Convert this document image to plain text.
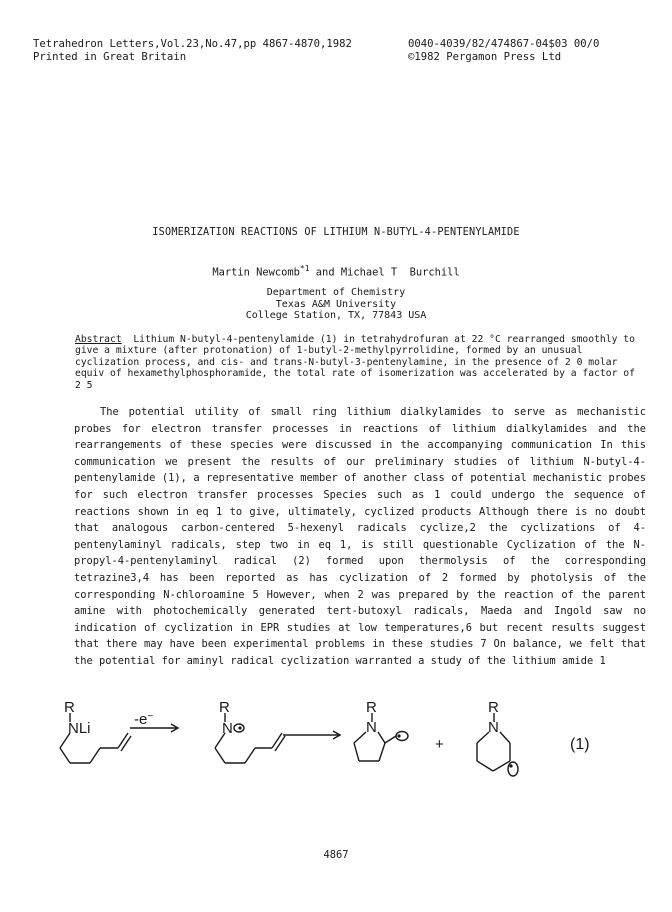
Tetrahedron Letters,Vol.23,No.47,pp 4867-4870,1982
Printed in Great Britain
0040-4039/82/474867-04$03 00/0
©1982 Pergamon Press Ltd
ISOMERIZATION REACTIONS OF LITHIUM N-BUTYL-4-PENTENYLAMIDE
Martin Newcomb$^{*1}$ and Michael T  Burchill
Department of Chemistry
Texas A&M University
College Station, TX, 77843 USA
Abstract Lithium N-butyl-4-pentenylamide (1) in tetrahydrofuran at 22 °C rearranged smoothly to give a mixture (after protonation) of 1-butyl-2-methylpyrrolidine, formed by an unusual cyclization process, and cis- and trans-N-butyl-3-pentenylamine, in the presence of 2 0 molar equiv of hexamethylphosphoramide, the total rate of isomerization was accelerated by a factor of 2 5
The potential utility of small ring lithium dialkylamides to serve as mechanistic probes for electron transfer processes in reactions of lithium dialkylamides and the rearrangements of these species were discussed in the accompanying communication In this communication we present the results of our preliminary studies of lithium N-butyl-4-pentenylamide (1), a representative member of another class of potential mechanistic probes for such electron transfer processes Species such as 1 could undergo the sequence of reactions shown in eq 1 to give, ultimately, cyclized products Although there is no doubt that analogous carbon-centered 5-hexenyl radicals cyclize,2 the cyclizations of 4-pentenylaminyl radicals, step two in eq 1, is still questionable Cyclization of the N-propyl-4-pentenylaminyl radical (2) formed upon thermolysis of the corresponding tetrazine3,4 has been reported as has cyclization of 2 formed by photolysis of the corresponding N-chloroamine 5 However, when 2 was prepared by the reaction of the parent amine with photochemically generated tert-butoxyl radicals, Maeda and Ingold saw no indication of cyclization in EPR studies at low temperatures,6 but recent results suggest that there may have been experimental problems in these studies 7 On balance, we felt that the potential for aminyl radical cyclization warranted a study of the lithium amide 1
R
NLi
-e−
R
N
R
N
+
R
N
(1)
4867
